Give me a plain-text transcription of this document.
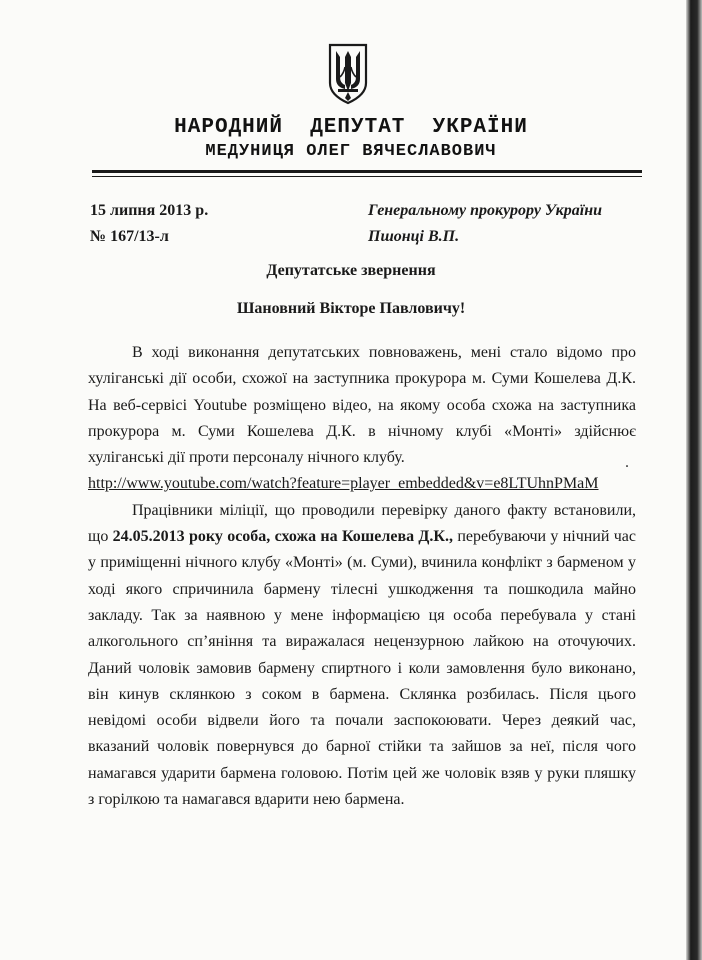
НАРОДНИЙ  ДЕПУТАТ  УКРАЇНИ
МЕДУНИЦЯ ОЛЕГ ВЯЧЕСЛАВОВИЧ
15 липня 2013 р.
№ 167/13-л
Генеральному прокурору України
Пшонці В.П.
Депутатське звернення
Шановний Вікторе Павловичу!

В ході виконання депутатських повноважень, мені стало відомо про хуліганські дії особи, схожої на заступника прокурора м. Суми Кошелева Д.К. На веб-сервісі Youtube розміщено відео, на якому особа схожа на заступника прокурора м. Суми Кошелева Д.К. в нічному клубі «Монті» здійснює хуліганські дії проти персоналу нічного клубу.

http://www.youtube.com/watch?feature=player_embedded&v=e8LTUhnPMaM

Працівники міліції, що проводили перевірку даного факту встановили, що 24.05.2013 року особа, схожа на Кошелева Д.К., перебуваючи у нічний час у приміщенні нічного клубу «Монті» (м. Суми), вчинила конфлікт з барменом у ході якого спричинила бармену тілесні ушкодження та пошкодила майно закладу. Так за наявною у мене інформацією ця особа перебувала у стані алкогольного сп’яніння та виражалася нецензурною лайкою на оточуючих. Даний чоловік замовив бармену спиртного і коли замовлення було виконано, він кинув склянкою з соком в бармена. Склянка розбилась. Після цього невідомі особи відвели його та почали заспокоювати. Через деякий час, вказаний чоловік повернувся до барної стійки та зайшов за неї, після чого намагався ударити бармена головою. Потім цей же чоловік взяв у руки пляшку з горілкою та намагався вдарити нею бармена.

.
